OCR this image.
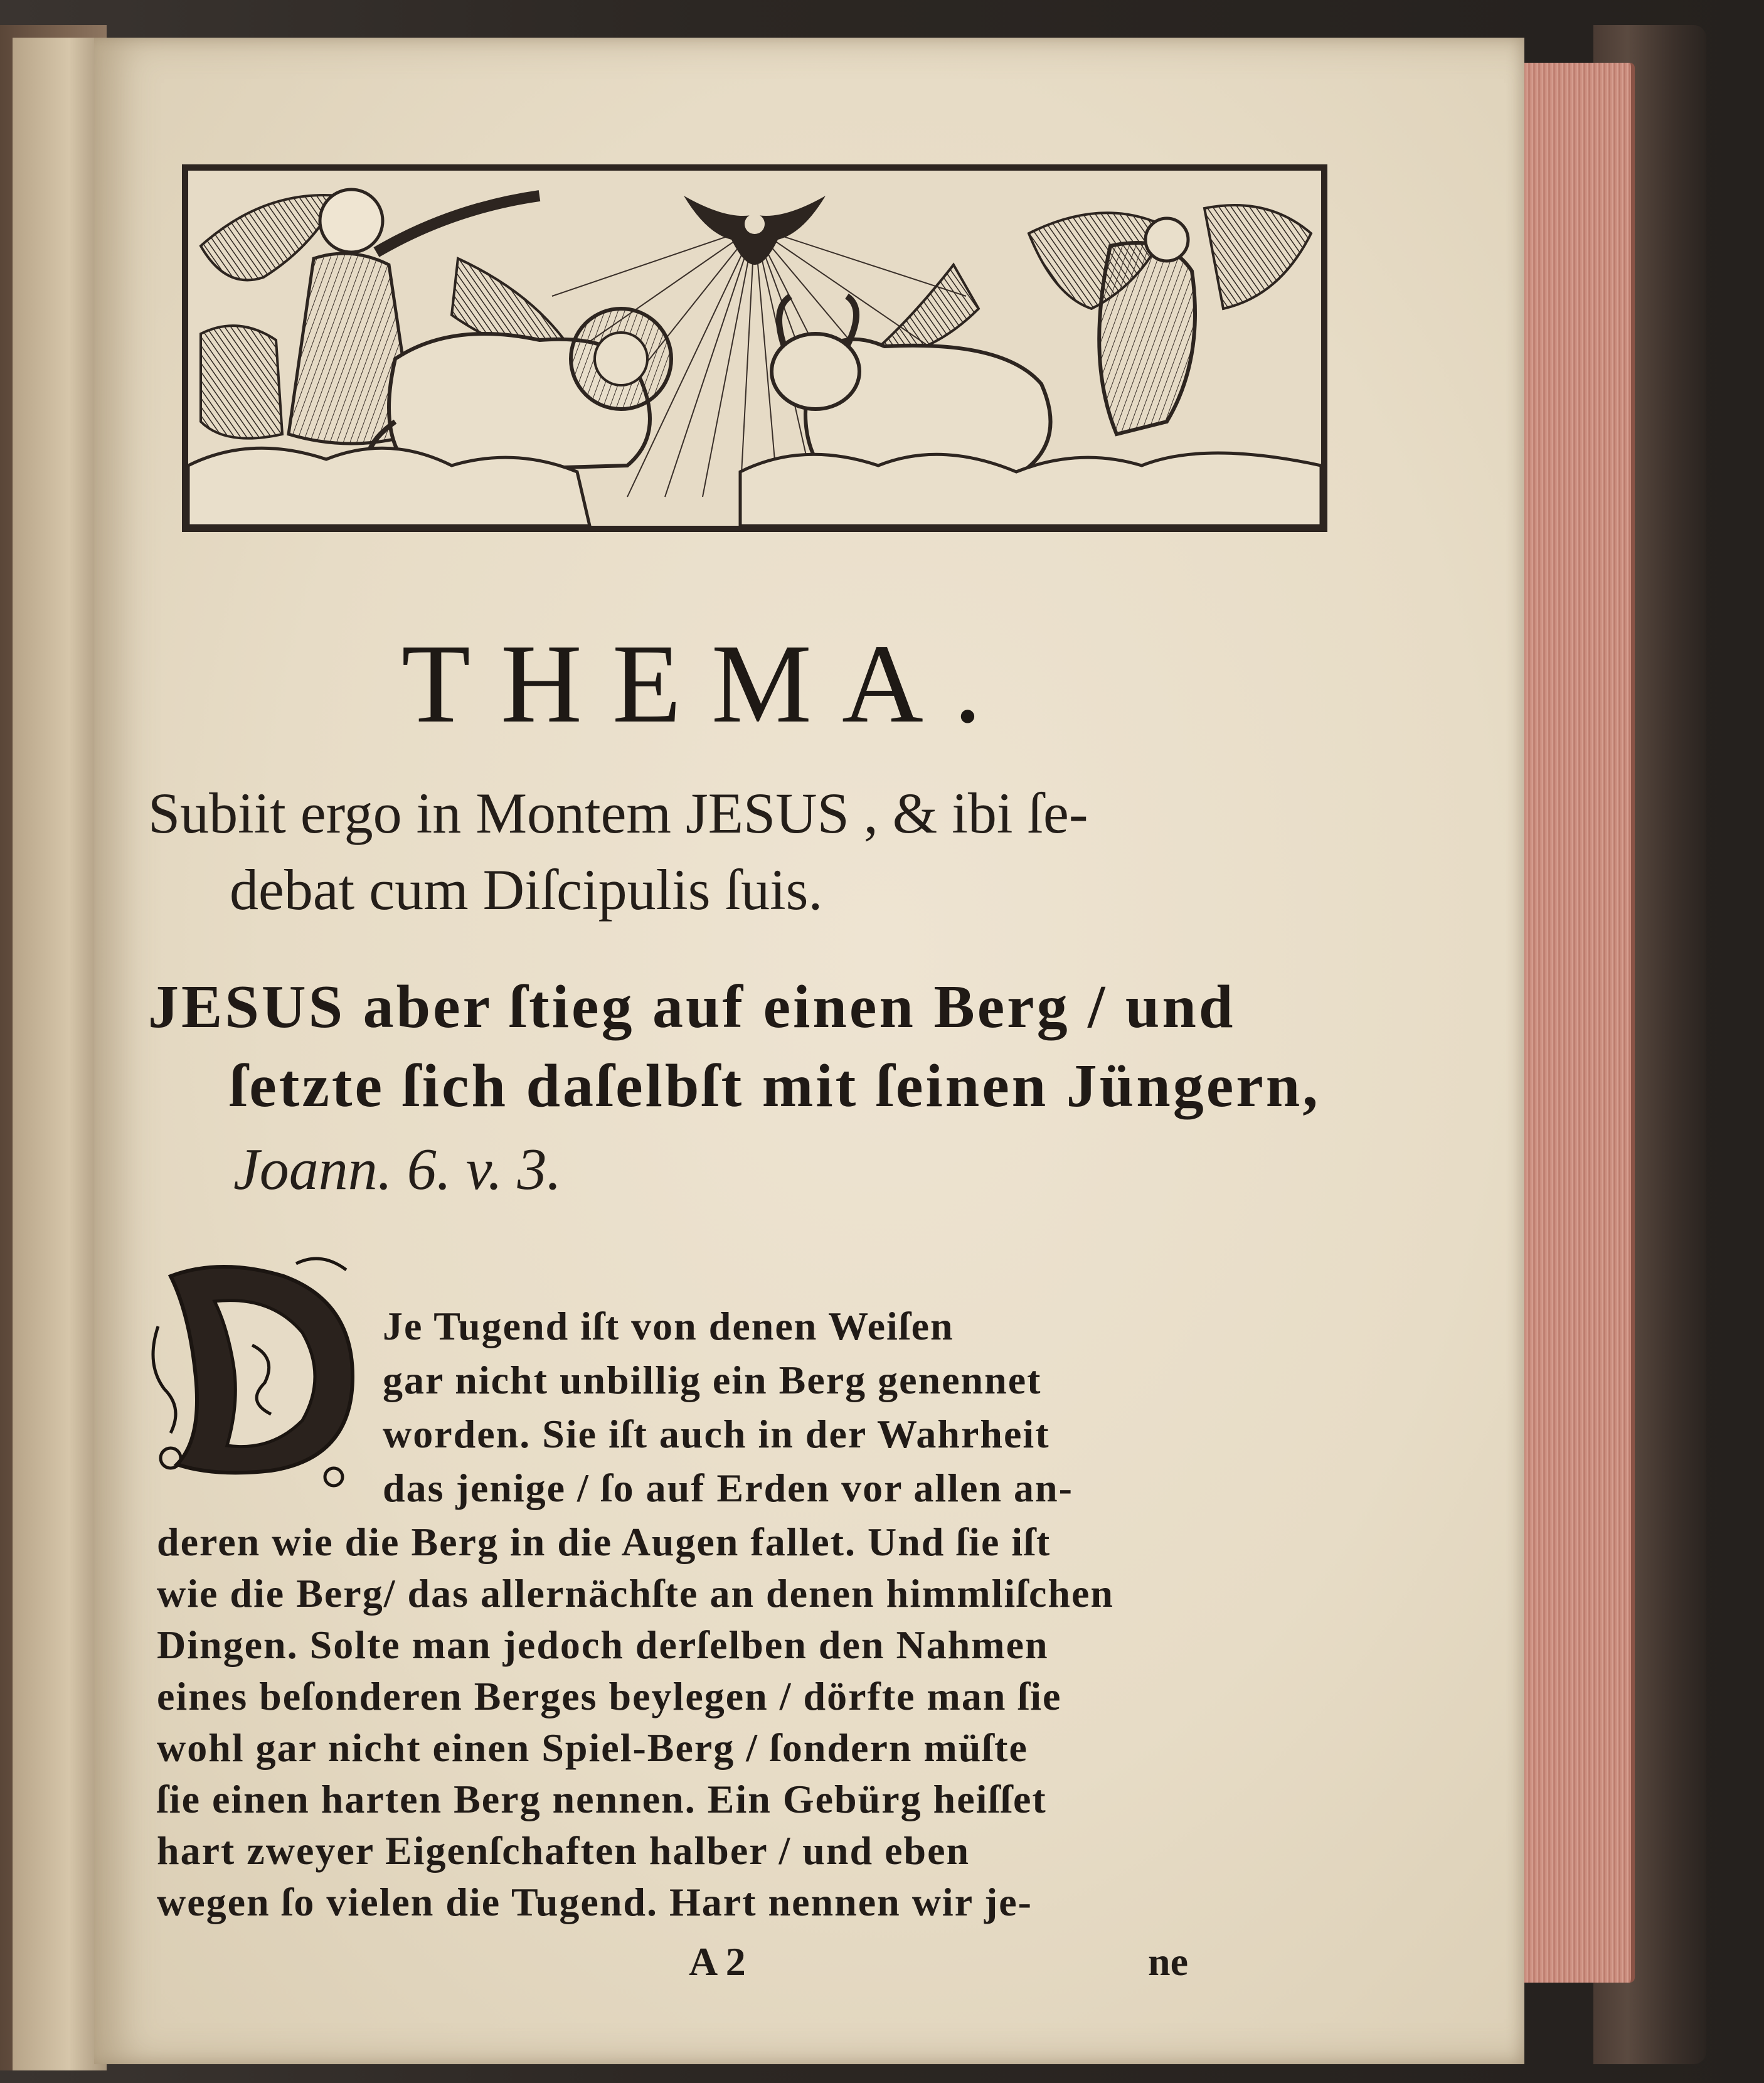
THEMA.
Subiit ergo in Montem JESUS , & ibi ſe-
debat cum Diſcipulis ſuis.
JESUS aber ſtieg auf einen Berg / und
ſetzte ſich daſelbſt mit ſeinen Jüngern,
Joann. 6. v. 3.
Je Tugend iſt von denen Weiſen
gar nicht unbillig ein Berg genennet
worden. Sie iſt auch in der Wahrheit
das jenige / ſo auf Erden vor allen an-
deren wie die Berg in die Augen fallet. Und ſie iſt
wie die Berg/ das allernächſte an denen himmliſchen
Dingen. Solte man jedoch derſelben den Nahmen
eines beſonderen Berges beylegen / dörfte man ſie
wohl gar nicht einen Spiel-Berg / ſondern müſte
ſie einen harten Berg nennen. Ein Gebürg heiſſet
hart zweyer Eigenſchaften halber / und eben
wegen ſo vielen die Tugend. Hart nennen wir je-
A 2	ne
